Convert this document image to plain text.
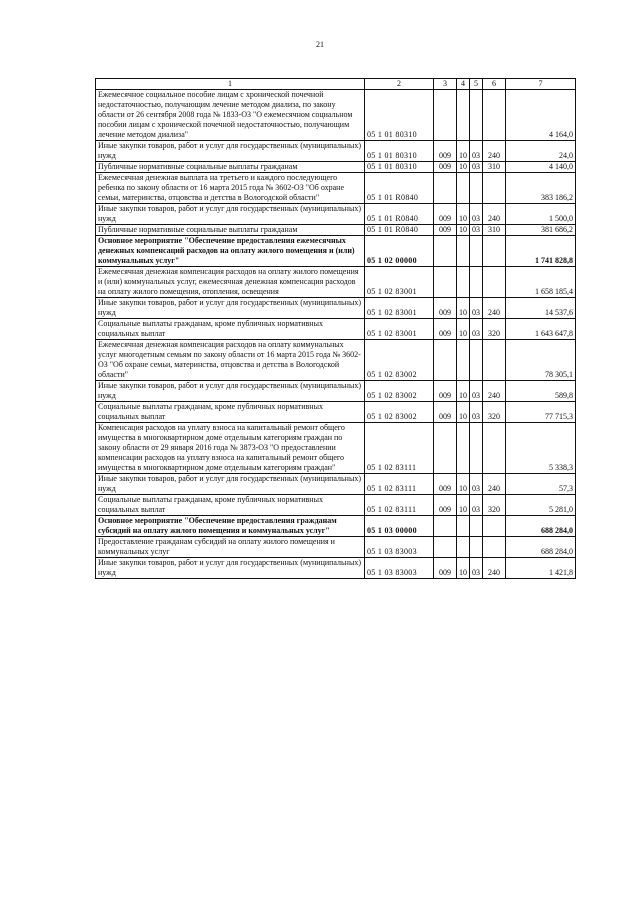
21
1	2	3	4	5	6	7
Ежемесячное социальное пособие лицам с хронической почечной недостаточностью, получающим лечение методом диализа, по закону области от 26 сентября 2008 года № 1833-ОЗ "О ежемесячном социальном пособии лицам с хронической почечной недостаточностью, получающим лечение методом диализа"	05 1 01 80310					4 164,0
Иные закупки товаров, работ и услуг для государственных (муниципальных) нужд	05 1 01 80310	009	10	03	240	24,0
Публичные нормативные социальные выплаты гражданам	05 1 01 80310	009	10	03	310	4 140,0
Ежемесячная денежная выплата на третьего и каждого последующего ребенка по закону области от 16 марта 2015 года № 3602-ОЗ "Об охране семьи, материнства, отцовства и детства в Вологодской области"	05 1 01 R0840					383 186,2
Иные закупки товаров, работ и услуг для государственных (муниципальных) нужд	05 1 01 R0840	009	10	03	240	1 500,0
Публичные нормативные социальные выплаты гражданам	05 1 01 R0840	009	10	03	310	381 686,2
Основное мероприятие "Обеспечение предоставления ежемесячных денежных компенсаций расходов на оплату жилого помещения и (или) коммунальных услуг"	05 1 02 00000					1 741 828,8
Ежемесячная денежная компенсация расходов на оплату жилого помещения и (или) коммунальных услуг, ежемесячная денежная компенсация расходов на оплату жилого помещения, отопления, освещения	05 1 02 83001					1 658 185,4
Иные закупки товаров, работ и услуг для государственных (муниципальных) нужд	05 1 02 83001	009	10	03	240	14 537,6
Социальные выплаты гражданам, кроме публичных нормативных социальных выплат	05 1 02 83001	009	10	03	320	1 643 647,8
Ежемесячная денежная компенсация расходов на оплату коммунальных услуг многодетным семьям по закону области от 16 марта 2015 года № 3602-ОЗ "Об охране семьи, материнства, отцовства и детства в Вологодской области"	05 1 02 83002					78 305,1
Иные закупки товаров, работ и услуг для государственных (муниципальных) нужд	05 1 02 83002	009	10	03	240	589,8
Социальные выплаты гражданам, кроме публичных нормативных социальных выплат	05 1 02 83002	009	10	03	320	77 715,3
Компенсация расходов на уплату взноса на капитальный ремонт общего имущества в многоквартирном доме отдельным категориям граждан по закону области от 29 января 2016 года № 3873-ОЗ "О предоставлении компенсации расходов на уплату взноса на капитальный ремонт общего имущества в многоквартирном доме отдельным категориям граждан"	05 1 02 83111					5 338,3
Иные закупки товаров, работ и услуг для государственных (муниципальных) нужд	05 1 02 83111	009	10	03	240	57,3
Социальные выплаты гражданам, кроме публичных нормативных социальных выплат	05 1 02 83111	009	10	03	320	5 281,0
Основное мероприятие "Обеспечение предоставления гражданам субсидий на оплату жилого помещения и коммунальных услуг"	05 1 03 00000					688 284,0
Предоставление гражданам субсидий на оплату жилого помещения и коммунальных услуг	05 1 03 83003					688 284,0
Иные закупки товаров, работ и услуг для государственных (муниципальных) нужд	05 1 03 83003	009	10	03	240	1 421,8
